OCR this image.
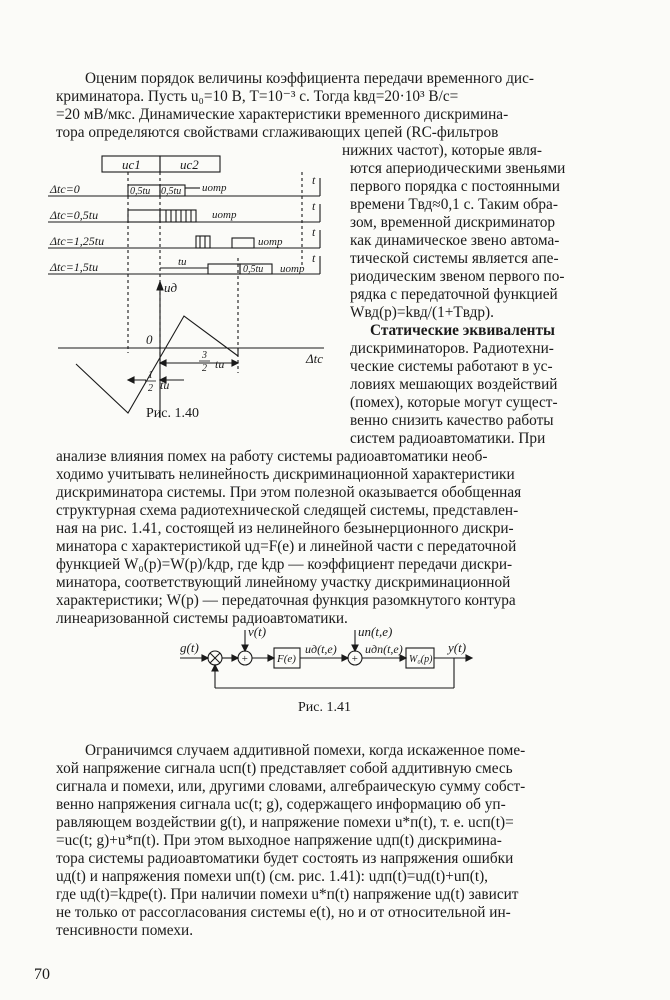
Оценим порядок величины коэффициента передачи временного дис-
криминатора. Пусть u₀=10 В, T=10⁻³ с. Тогда kвд=20·10³ В/с=
=20 мВ/мкс. Динамические характеристики временного дискримина-
тора определяются свойствами сглаживающих цепей (RC-фильтров
нижних частот), которые явля-
ются апериодическими звеньями
первого порядка с постоянными
времени Tвд≈0,1 с. Таким обра-
зом, временной дискриминатор
как динамическое звено автома-
тической системы является апе-
риодическим звеном первого по-
рядка с передаточной функцией
Wвд(p)=kвд/(1+Tвдp).
Статические эквиваленты
дискриминаторов. Радиотехни-
ческие системы работают в ус-
ловиях мешающих воздействий
(помех), которые могут сущест-
венно снизить качество работы
систем радиоавтоматики. При
uc1	uc2
Δtc=0	0,5tи 0,5tи uотр
t
Δtc=0,5tи	uотр
t
Δtc=1,25tи	uотр
t
Δtc=1,5tи	tи
0,5tи uотр
t
uд
0
Δtc
3
2 tи
1
2 tи
Рис. 1.40
анализе влияния помех на работу системы радиоавтоматики необ-
ходимо учитывать нелинейность дискриминационной характеристики
дискриминатора системы. При этом полезной оказывается обобщенная
структурная схема радиотехнической следящей системы, представлен-
ная на рис. 1.41, состоящей из нелинейного безынерционного дискри-
минатора с характеристикой uд=F(e) и линейной части с передаточной
функцией W₀(p)=W(p)/kдр, где kдр — коэффициент передачи дискри-
минатора, соответствующий линейному участку дискриминационной
характеристики; W(p) — передаточная функция разомкнутого контура
линеаризованной системы радиоавтоматики.
g(t)
v(t)
+	F(e)
uд(t,e)
uп(t,e)
+
uдп(t,e)
W₀(p)
y(t)
Рис. 1.41
Ограничимся случаем аддитивной помехи, когда искаженное поме-
хой напряжение сигнала uсп(t) представляет собой аддитивную смесь
сигнала и помехи, или, другими словами, алгебраическую сумму собст-
венно напряжения сигнала uс(t; g), содержащего информацию об уп-
равляющем воздействии g(t), и напряжение помехи u*п(t), т. е. uсп(t)=
=uс(t; g)+u*п(t). При этом выходное напряжение uдп(t) дискримина-
тора системы радиоавтоматики будет состоять из напряжения ошибки
uд(t) и напряжения помехи uп(t) (см. рис. 1.41): uдп(t)=uд(t)+uп(t),
где uд(t)=kдрe(t). При наличии помехи u*п(t) напряжение uд(t) зависит
не только от рассогласования системы e(t), но и от относительной ин-
тенсивности помехи.
70
